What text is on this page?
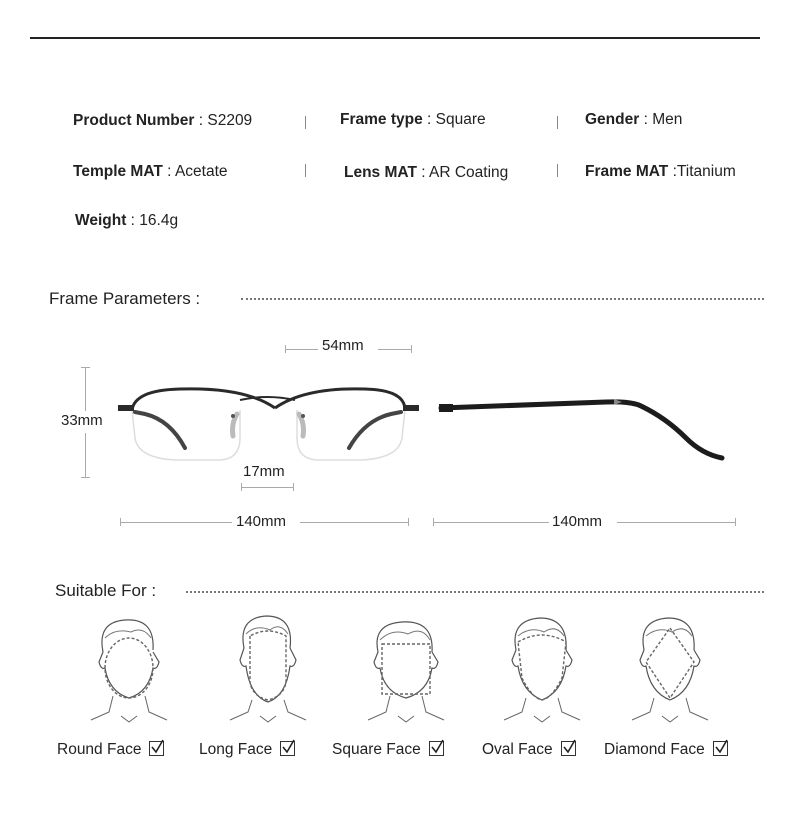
Product Number : S2209	Frame type : Square	Gender : Men
Temple MAT : Acetate	Lens MAT : AR Coating	Frame MAT :Titanium
Weight : 16.4g
Frame Parameters :
54mm
33mm
17mm
140mm	140mm
Suitable For :
Round Face	Long Face	Square Face	Oval Face	Diamond Face
